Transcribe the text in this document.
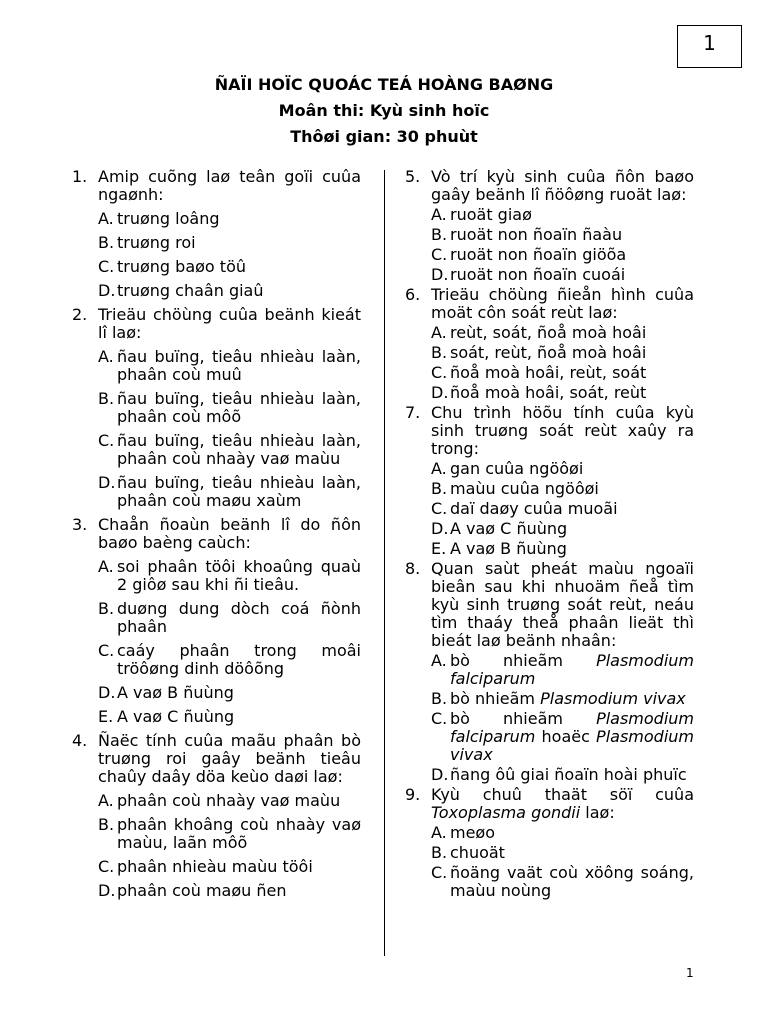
1
ÑAÏI HOÏC QUOÁC TEÁ HOÀNG BAØNG
Moân thi: Kyù sinh hoïc
Thôøi gian: 30 phuùt
1. Amip cuõng laø teân goïi cuûa ngaønh:
A. truøng loâng
B. truøng roi
C. truøng baøo töû
D. truøng chaân giaû
2. Trieäu chöùng cuûa beänh kieát lî laø:
A. ñau buïng, tieâu nhieàu laàn, phaân coù muû
B. ñau buïng, tieâu nhieàu laàn, phaân coù môõ
C. ñau buïng, tieâu nhieàu laàn, phaân coù nhaày vaø maùu
D. ñau buïng, tieâu nhieàu laàn, phaân coù maøu xaùm
3. Chaån ñoaùn beänh lî do ñôn baøo baèng caùch:
A. soi phaân töôi khoaûng quaù 2 giôø sau khi ñi tieâu.
B. duøng dung dòch coá ñònh phaân
C. caáy phaân trong moâi tröôøng dinh döôõng
D. A vaø B ñuùng
E. A vaø C ñuùng
4. Ñaëc tính cuûa maãu phaân bò truøng roi gaây beänh tieâu chaûy daây döa keùo daøi laø:
A. phaân coù nhaày vaø maùu
B. phaân khoâng coù nhaày vaø maùu, laãn môõ
C. phaân nhieàu maùu töôi
D. phaân coù maøu ñen
5. Vò trí kyù sinh cuûa ñôn baøo gaây beänh lî ñöôøng ruoät laø:
A. ruoät giaø
B. ruoät non ñoaïn ñaàu
C. ruoät non ñoaïn giöõa
D. ruoät non ñoaïn cuoái
6. Trieäu chöùng ñieån hình cuûa moät côn soát reùt laø:
A. reùt, soát, ñoå moà hoâi
B. soát, reùt, ñoå moà hoâi
C. ñoå moà hoâi, reùt, soát
D. ñoå moà hoâi, soát, reùt
7. Chu trình höõu tính cuûa kyù sinh truøng soát reùt xaûy ra trong:
A. gan cuûa ngöôøi
B. maùu cuûa ngöôøi
C. daï daøy cuûa muoãi
D. A vaø C ñuùng
E. A vaø B ñuùng
8. Quan saùt pheát maùu ngoaïi bieân sau khi nhuoäm ñeå tìm kyù sinh truøng soát reùt, neáu tìm thaáy theå phaân lieät thì bieát laø beänh nhaân:
A. bò nhieãm Plasmodium falciparum
B. bò nhieãm Plasmodium vivax
C. bò nhieãm Plasmodium falciparum hoaëc Plasmodium vivax
D. ñang ôû giai ñoaïn hoài phuïc
9. Kyù chuû thaät söï cuûa Toxoplasma gondii laø:
A. meøo
B. chuoät
C. ñoäng vaät coù xöông soáng, maùu noùng
1
